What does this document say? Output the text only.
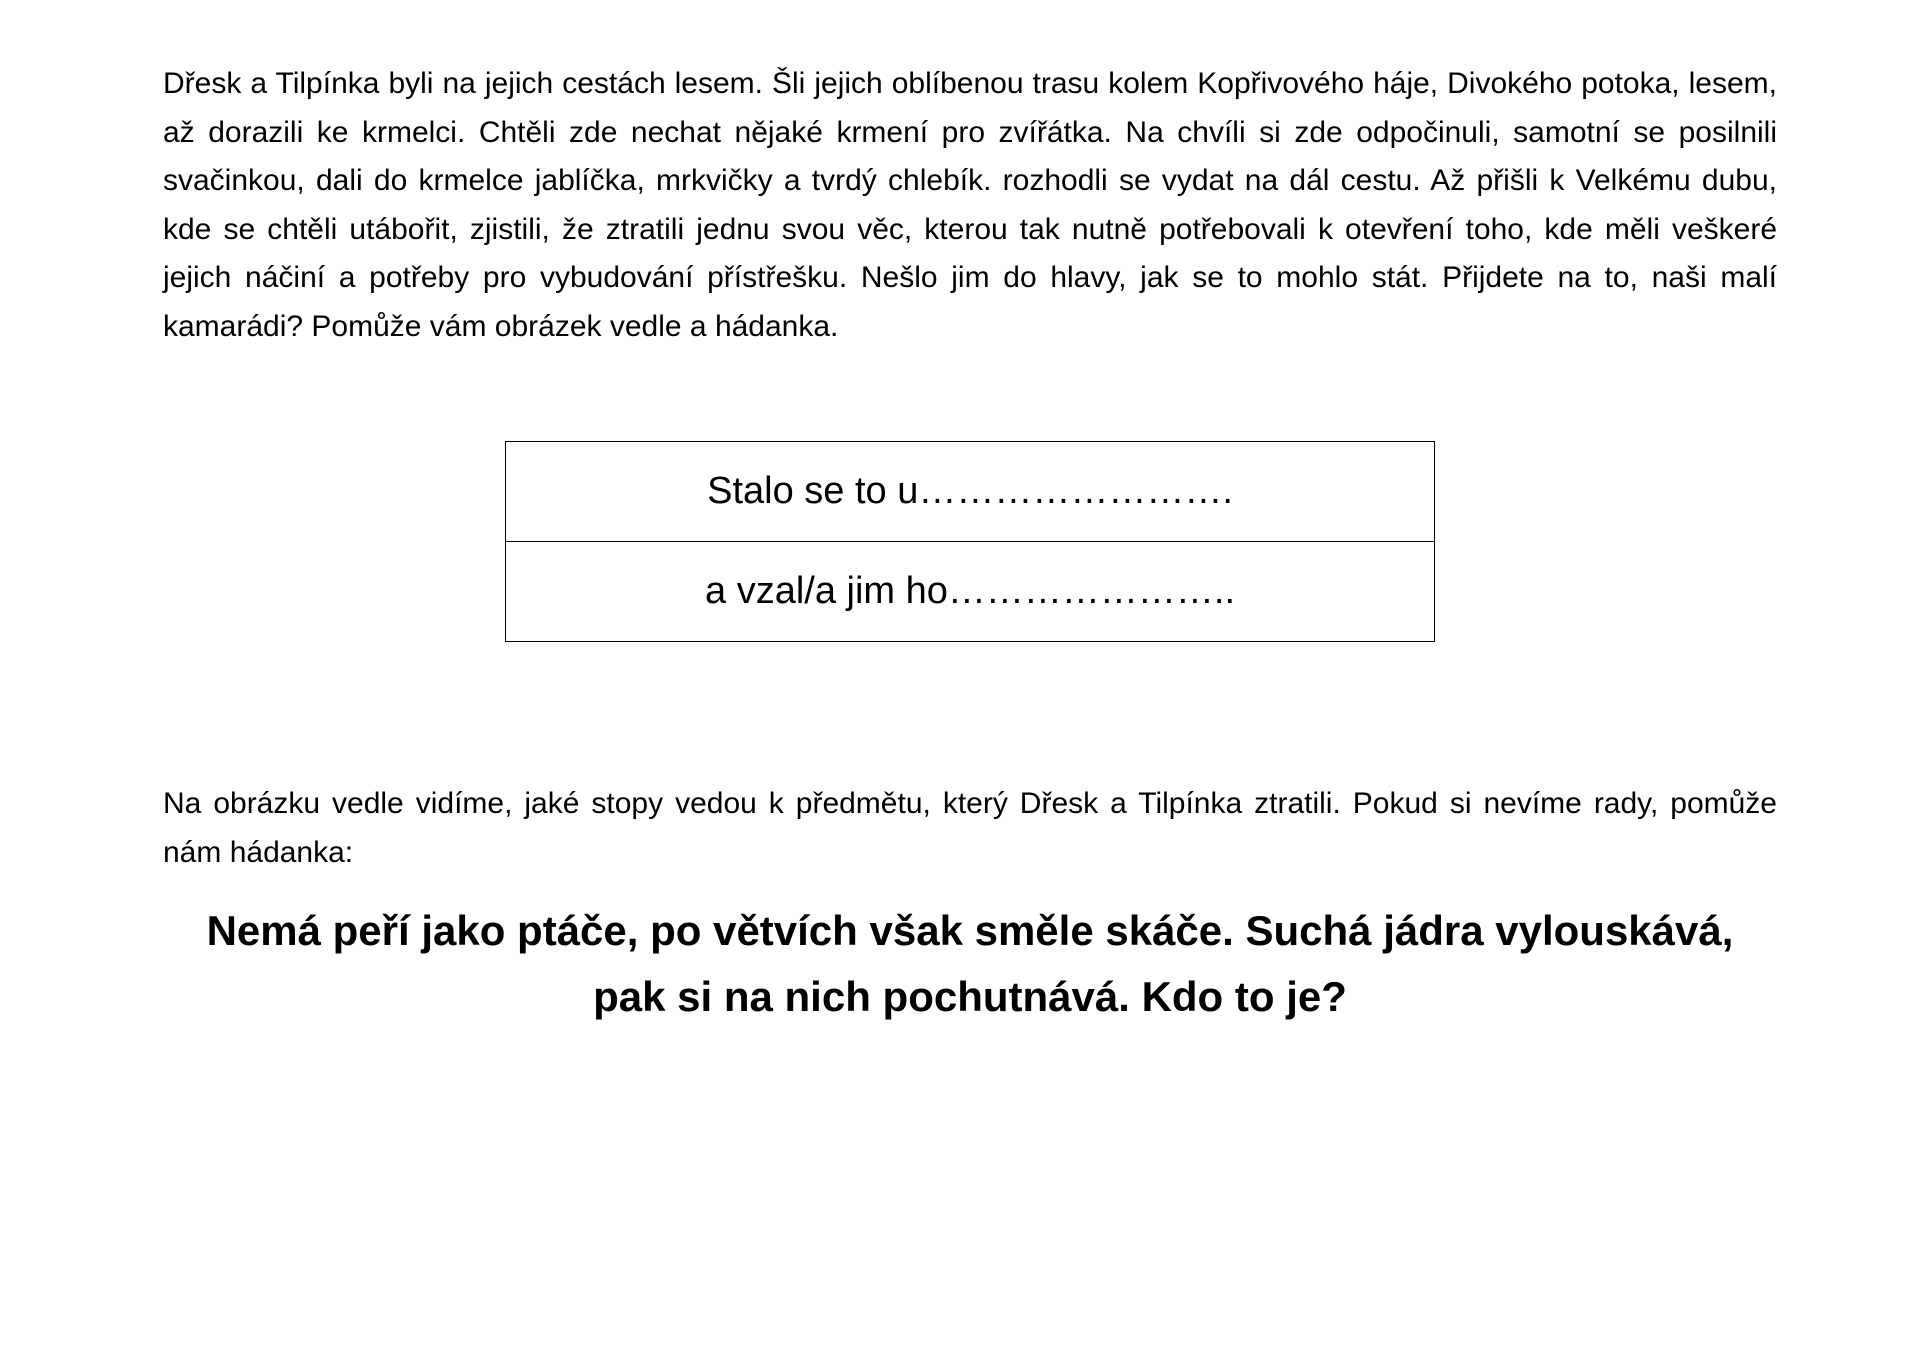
Dřesk a Tilpínka byli na jejich cestách lesem. Šli jejich oblíbenou trasu kolem Kopřivového háje, Divokého potoka, lesem, až dorazili ke krmelci. Chtěli zde nechat nějaké krmení pro zvířátka. Na chvíli si zde odpočinuli, samotní se posilnili svačinkou, dali do krmelce jablíčka, mrkvičky a tvrdý chlebík. rozhodli se vydat na dál cestu. Až přišli k Velkému dubu, kde se chtěli utábořit, zjistili, že ztratili jednu svou věc, kterou tak nutně potřebovali k otevření toho, kde měli veškeré jejich náčiní a potřeby pro vybudování přístřešku. Nešlo jim do hlavy, jak se to mohlo stát. Přijdete na to, naši malí kamarádi? Pomůže vám obrázek vedle a hádanka.

Stalo se to u…………………….
a vzal/a jim ho…………………..

Na obrázku vedle vidíme, jaké stopy vedou k předmětu, který Dřesk a Tilpínka ztratili. Pokud si nevíme rady, pomůže nám hádanka:

Nemá peří jako ptáče, po větvích však směle skáče. Suchá jádra vylouskává,
pak si na nich pochutnává. Kdo to je?
